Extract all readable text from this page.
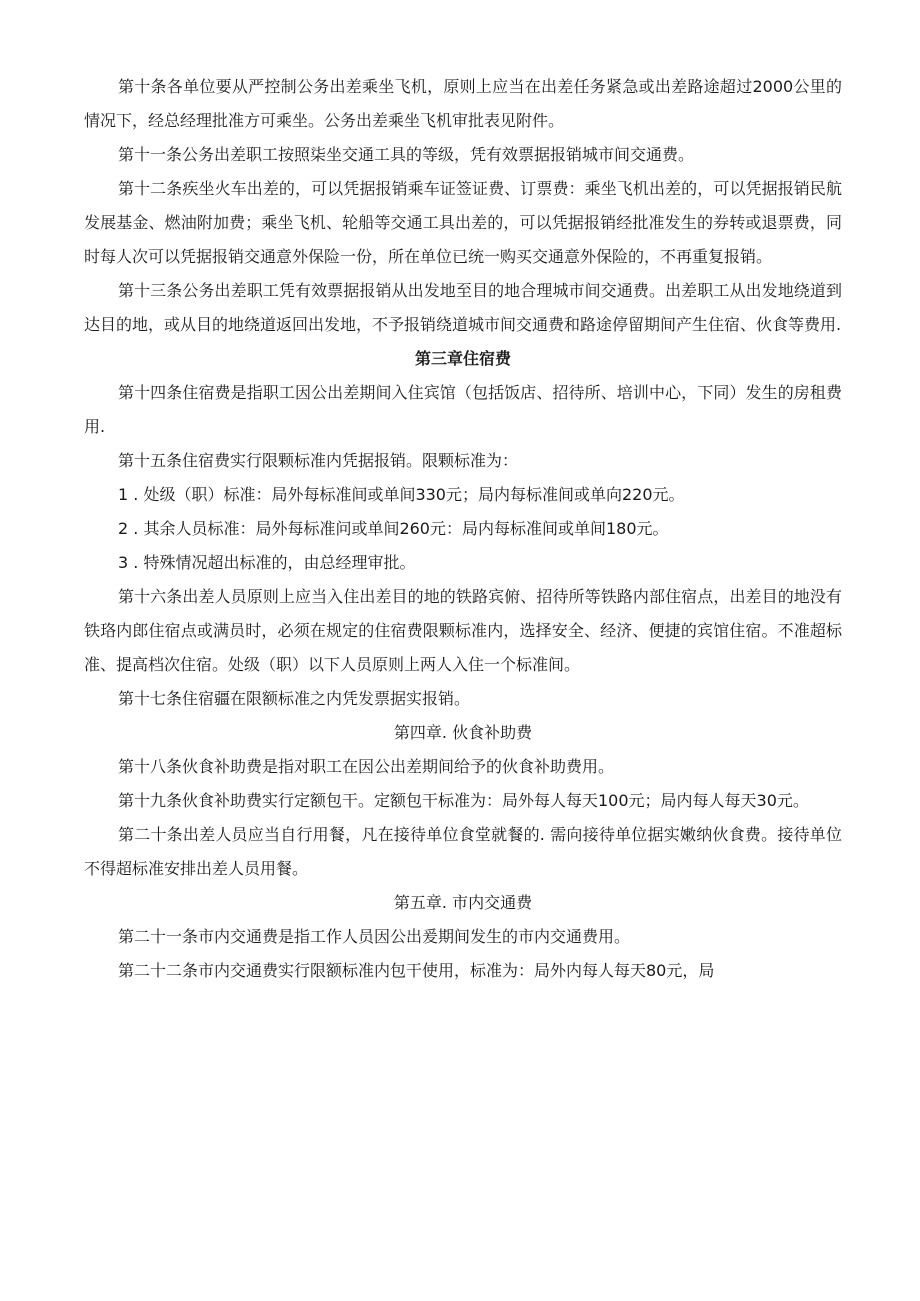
第十条各单位要从严控制公务出差乘坐飞机，原则上应当在出差任务紧急或出差路途超过2000公里的情况下，经总经理批准方可乘坐。公务出差乘坐飞机审批表见附件。

第十一条公务出差职工按照柒坐交通工具的等级，凭有效票据报销城市间交通费。

第十二条疾坐火车出差的，可以凭据报销乘车证签证费、订票费：乘坐飞机出差的，可以凭据报销民航发展基金、燃油附加费；乘坐飞机、轮船等交通工具出差的，可以凭据报销经批准发生的券转或退票费，同时每人次可以凭据报销交通意外保险一份，所在单位已统一购买交通意外保险的，不再重复报销。

第十三条公务出差职工凭有效票据报销从出发地至目的地合理城市间交通费。出差职工从出发地绕道到达目的地，或从目的地绕道返回出发地，不予报销绕道城市间交通费和路途停留期间产生住宿、伙食等费用.

第三章住宿费

第十四条住宿费是指职工因公出差期间入住宾馆（包括饭店、招待所、培训中心，下同）发生的房租费用.

第十五条住宿费实行限颗标准内凭据报销。限颗标准为：

1 . 处级（职）标准：局外每标准间或单间330元；局内每标准间或单向220元。

2 . 其余人员标准：局外每标准问或单间260元：局内每标准间或单间180元。

3 . 特殊情况超出标准的，由总经理审批。

第十六条出差人员原则上应当入住出差目的地的铁路宾俯、招待所等铁路内部住宿点，出差目的地没有铁珞内郎住宿点或满员时，必须在规定的住宿费限颗标准内，选择安全、经济、便捷的宾馆住宿。不准超标准、提高档次住宿。处级（职）以下人员原则上两人入住一个标准间。

第十七条住宿疆在限额标准之内凭发票据实报销。

第四章. 伙食补助费

第十八条伙食补助费是指对职工在因公出差期间给予的伙食补助费用。

第十九条伙食补助费实行定额包干。定额包干标准为：局外每人每天100元；局内每人每天30元。

第二十条出差人员应当自行用餐，凡在接待单位食堂就餐的. 需向接待单位据实嫩纳伙食费。接待单位不得超标准安排出差人员用餐。

第五章. 市内交通费

第二十一条市内交通费是指工作人员因公出爰期间发生的市内交通费用。

第二十二条市内交通费实行限额标准内包干使用，标准为：局外内每人每天80元，局
